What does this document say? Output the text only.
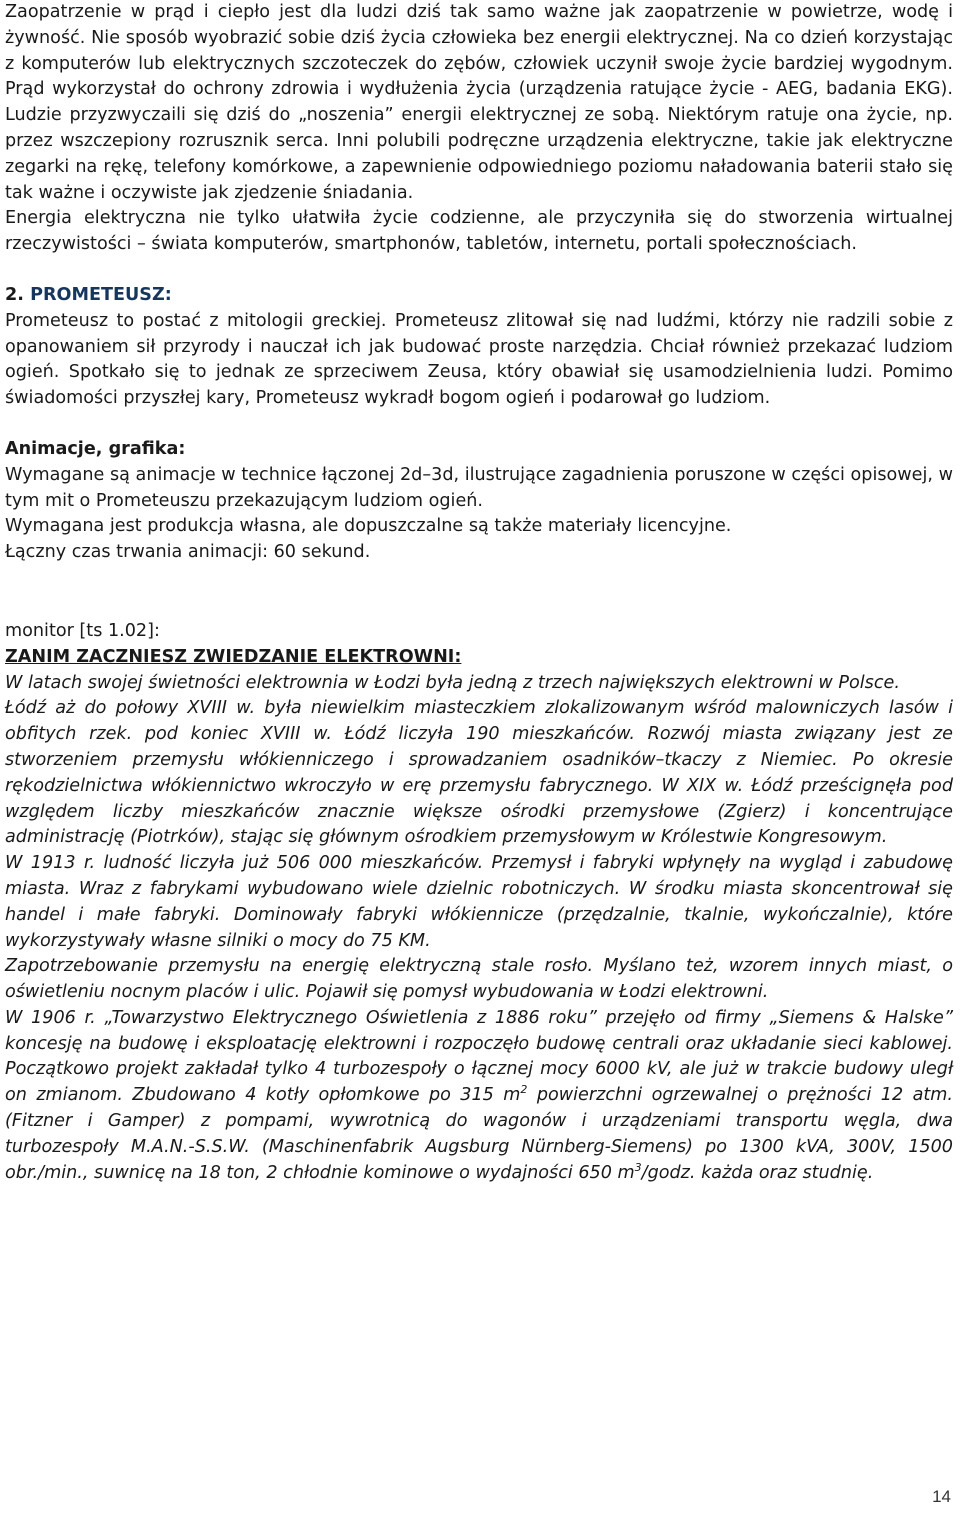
Zaopatrzenie w prąd i ciepło jest dla ludzi dziś tak samo ważne jak zaopatrzenie w powietrze, wodę i żywność. Nie sposób wyobrazić sobie dziś życia człowieka bez energii elektrycznej. Na co dzień korzystając z komputerów lub elektrycznych szczoteczek do zębów, człowiek uczynił swoje życie bardziej wygodnym. Prąd wykorzystał do ochrony zdrowia i wydłużenia życia (urządzenia ratujące życie - AEG, badania EKG). Ludzie przyzwyczaili się dziś do „noszenia” energii elektrycznej ze sobą. Niektórym ratuje ona życie, np. przez wszczepiony rozrusznik serca. Inni polubili podręczne urządzenia elektryczne, takie jak elektryczne zegarki na rękę, telefony komórkowe, a zapewnienie odpowiedniego poziomu naładowania baterii stało się tak ważne i oczywiste jak zjedzenie śniadania.

Energia elektryczna nie tylko ułatwiła życie codzienne, ale przyczyniła się do stworzenia wirtualnej rzeczywistości – świata komputerów, smartphonów, tabletów, internetu, portali społecznościach.

2. PROMETEUSZ:

Prometeusz to postać z mitologii greckiej. Prometeusz zlitował się nad ludźmi, którzy nie radzili sobie z opanowaniem sił przyrody i nauczał ich jak budować proste narzędzia. Chciał również przekazać ludziom ogień. Spotkało się to jednak ze sprzeciwem Zeusa, który obawiał się usamodzielnienia ludzi. Pomimo świadomości przyszłej kary, Prometeusz wykradł bogom ogień i podarował go ludziom.

Animacje, grafika:

Wymagane są animacje w technice łączonej 2d–3d, ilustrujące zagadnienia poruszone w części opisowej, w tym mit o Prometeuszu przekazującym ludziom ogień.

Wymagana jest produkcja własna, ale dopuszczalne są także materiały licencyjne.

Łączny czas trwania animacji: 60 sekund.

monitor [ts 1.02]:

ZANIM ZACZNIESZ ZWIEDZANIE ELEKTROWNI:

W latach swojej świetności elektrownia w Łodzi była jedną z trzech największych elektrowni w Polsce.

Łódź aż do połowy XVIII w. była niewielkim miasteczkiem zlokalizowanym wśród malowniczych lasów i obfitych rzek. pod koniec XVIII w. Łódź liczyła 190 mieszkańców. Rozwój miasta związany jest ze stworzeniem przemysłu włókienniczego i sprowadzaniem osadników–tkaczy z Niemiec. Po okresie rękodzielnictwa włókiennictwo wkroczyło w erę przemysłu fabrycznego. W XIX w. Łódź prześcignęła pod względem liczby mieszkańców znacznie większe ośrodki przemysłowe (Zgierz) i koncentrujące administrację (Piotrków), stając się głównym ośrodkiem przemysłowym w Królestwie Kongresowym.

W 1913 r. ludność liczyła już 506 000 mieszkańców. Przemysł i fabryki wpłynęły na wygląd i zabudowę miasta. Wraz z fabrykami wybudowano wiele dzielnic robotniczych. W środku miasta skoncentrował się handel i małe fabryki. Dominowały fabryki włókiennicze (przędzalnie, tkalnie, wykończalnie), które wykorzystywały własne silniki o mocy do 75 KM.

Zapotrzebowanie przemysłu na energię elektryczną stale rosło. Myślano też, wzorem innych miast, o oświetleniu nocnym placów i ulic. Pojawił się pomysł wybudowania w Łodzi elektrowni.

W 1906 r. „Towarzystwo Elektrycznego Oświetlenia z 1886 roku” przejęło od firmy „Siemens & Halske” koncesję na budowę i eksploatację elektrowni i rozpoczęło budowę centrali oraz układanie sieci kablowej. Początkowo projekt zakładał tylko 4 turbozespoły o łącznej mocy 6000 kV, ale już w trakcie budowy uległ on zmianom. Zbudowano 4 kotły opłomkowe po 315 $m^2$ powierzchni ogrzewalnej o prężności 12 atm. (Fitzner i Gamper) z pompami, wywrotnicą do wagonów i urządzeniami transportu węgla, dwa turbozespoły M.A.N.-S.S.W. (Maschinenfabrik Augsburg Nürnberg-Siemens) po 1300 kVA, 300V, 1500 obr./min., suwnicę na 18 ton, 2 chłodnie kominowe o wydajności 650 $m^3$/godz. każda oraz studnię.

14
